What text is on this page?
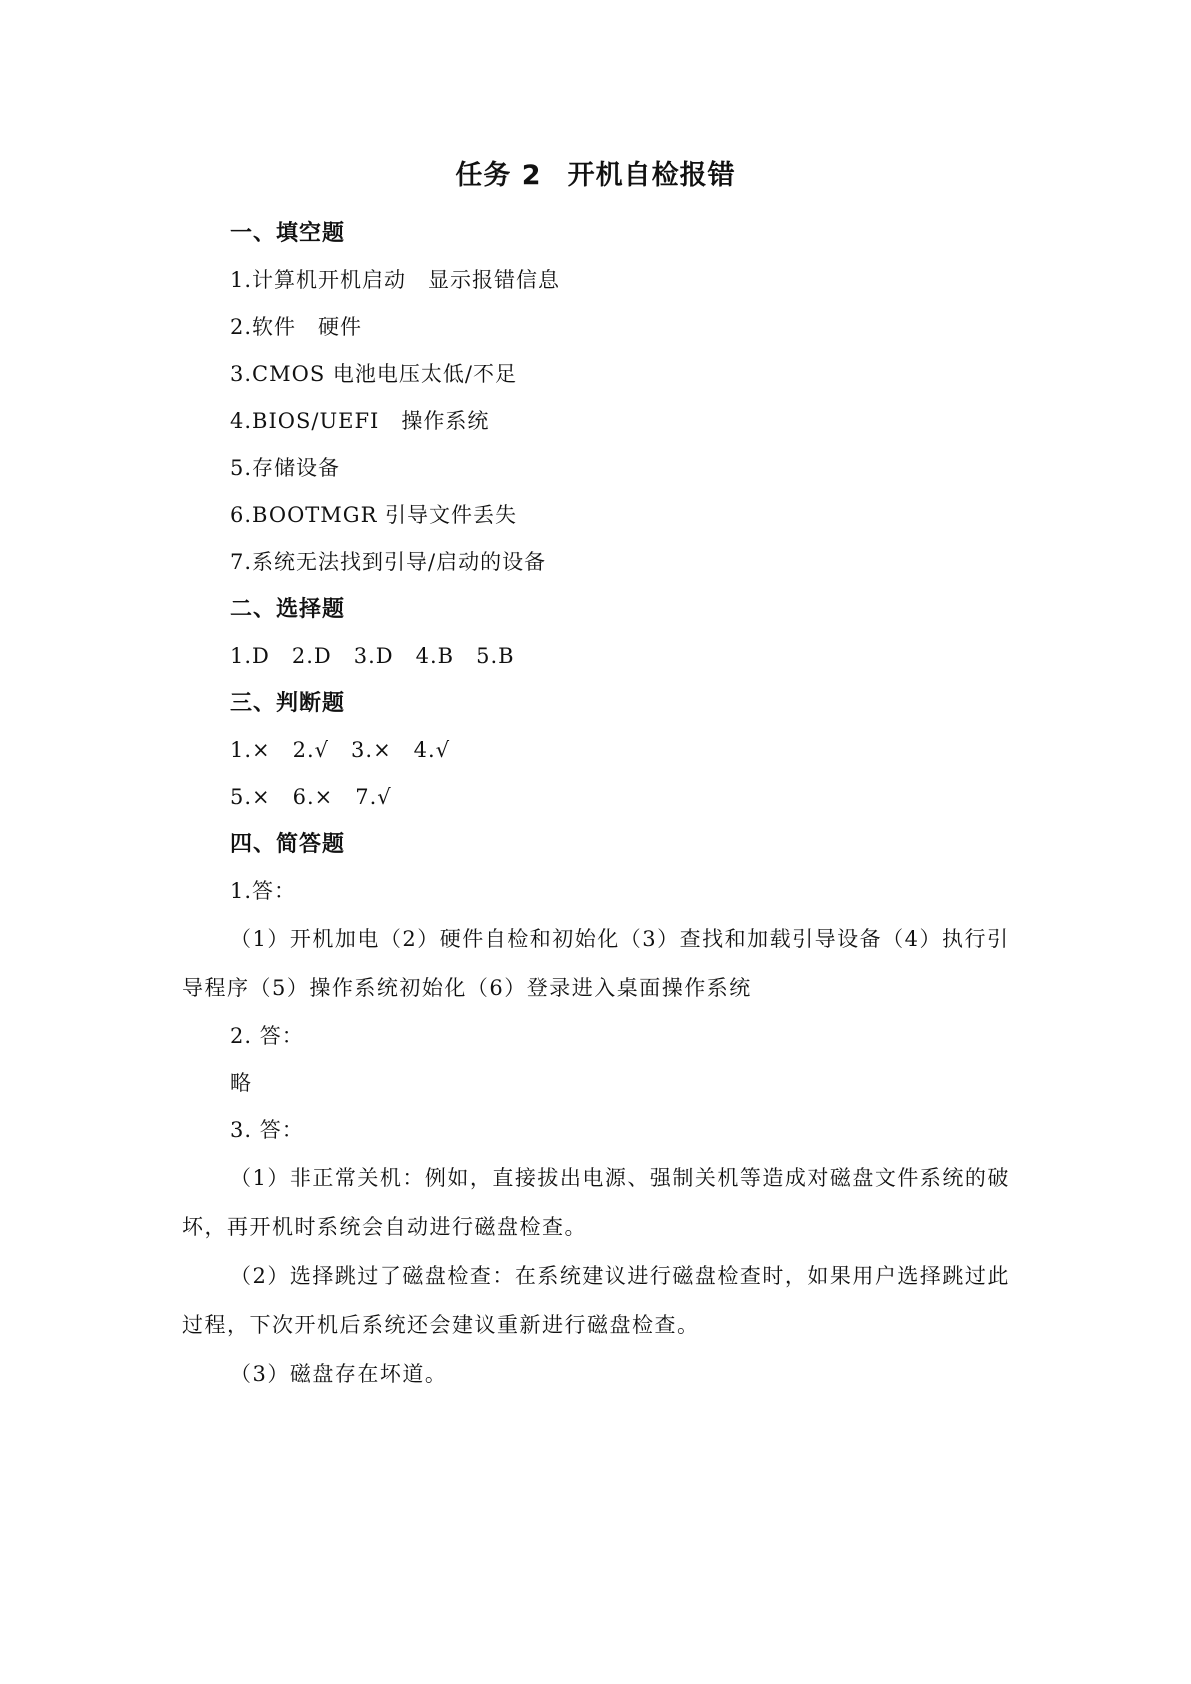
任务 2 开机自检报错
一、填空题
1.计算机开机启动　显示报错信息
2.软件　硬件
3.CMOS 电池电压太低/不足
4.BIOS/UEFI　操作系统
5.存储设备
6.BOOTMGR 引导文件丢失
7.系统无法找到引导/启动的设备
二、选择题
1.D　2.D　3.D　4.B　5.B
三、判断题
1.×　2.√　3.×　4.√
5.×　6.×　7.√
四、简答题
1.答：

（1）开机加电（2）硬件自检和初始化（3）查找和加载引导设备（4）执行引导程序（5）操作系统初始化（6）登录进入桌面操作系统

2. 答：
略
3. 答：

（1）非正常关机：例如，直接拔出电源、强制关机等造成对磁盘文件系统的破坏，再开机时系统会自动进行磁盘检查。

（2）选择跳过了磁盘检查：在系统建议进行磁盘检查时，如果用户选择跳过此过程，下次开机后系统还会建议重新进行磁盘检查。

（3）磁盘存在坏道。
